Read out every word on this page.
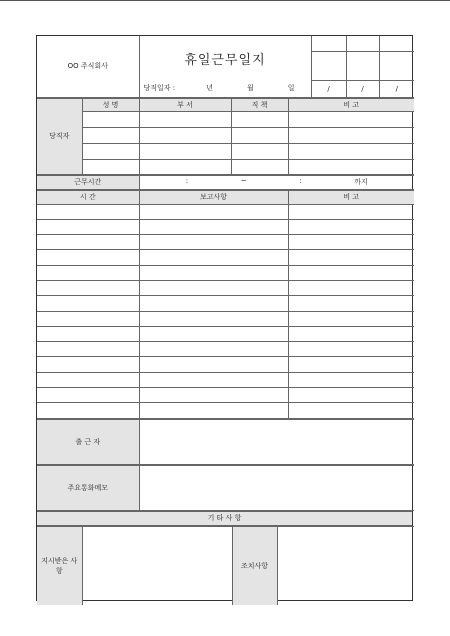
OO 주식회사	휴일근무일지			

	당직일자 : 년 월 일	/	/	/
당직자	성 명	부 서	직 책	비 고

근무시간	:	~	:	까지
시 간	보고사항	비 고

출 근 자	
주요통화메모	
기 타 사 항
지시받은 사 항		조치사항	
